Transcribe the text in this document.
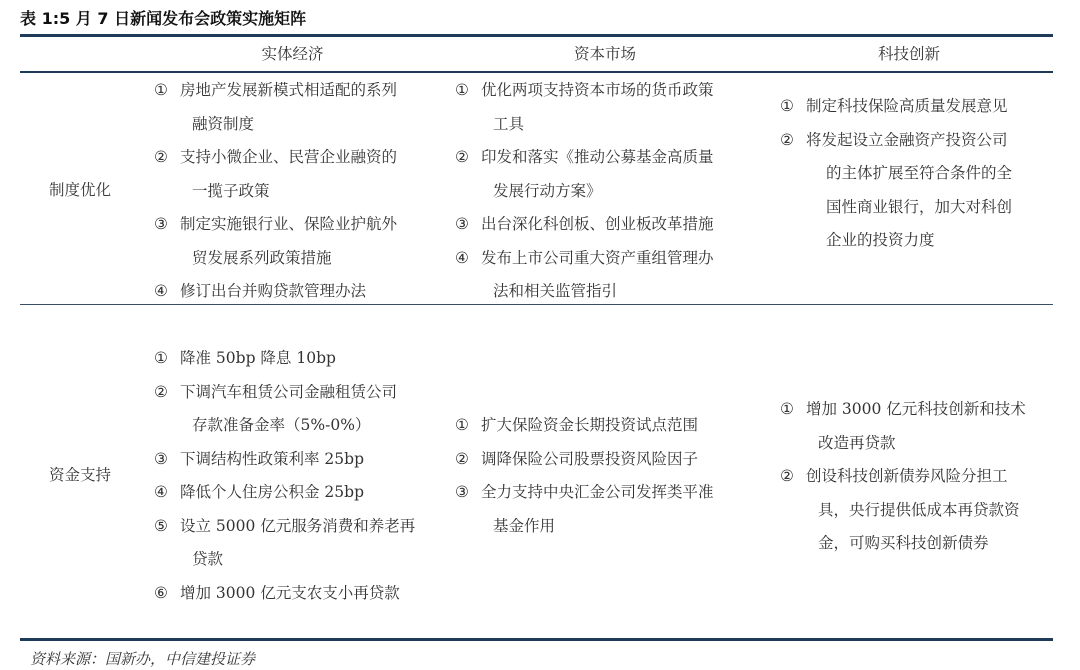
表 1:5 月 7 日新闻发布会政策实施矩阵
实体经济	资本市场	科技创新
制度优化
① 房地产发展新模式相适配的系列
融资制度
② 支持小微企业、民营企业融资的
一揽子政策
③ 制定实施银行业、保险业护航外
贸发展系列政策措施
④ 修订出台并购贷款管理办法
① 优化两项支持资本市场的货币政策
工具
② 印发和落实《推动公募基金高质量
发展行动方案》
③ 出台深化科创板、创业板改革措施
④ 发布上市公司重大资产重组管理办
法和相关监管指引
① 制定科技保险高质量发展意见
② 将发起设立金融资产投资公司
的主体扩展至符合条件的全
国性商业银行，加大对科创
企业的投资力度
资金支持
① 降准 50bp 降息 10bp
② 下调汽车租赁公司金融租赁公司
存款准备金率（5%-0%）
③ 下调结构性政策利率 25bp
④ 降低个人住房公积金 25bp
⑤ 设立 5000 亿元服务消费和养老再
贷款
⑥ 增加 3000 亿元支农支小再贷款
① 扩大保险资金长期投资试点范围
② 调降保险公司股票投资风险因子
③ 全力支持中央汇金公司发挥类平准
基金作用
① 增加 3000 亿元科技创新和技术
改造再贷款
② 创设科技创新债券风险分担工
具，央行提供低成本再贷款资
金，可购买科技创新债券
资料来源：国新办，中信建投证券
